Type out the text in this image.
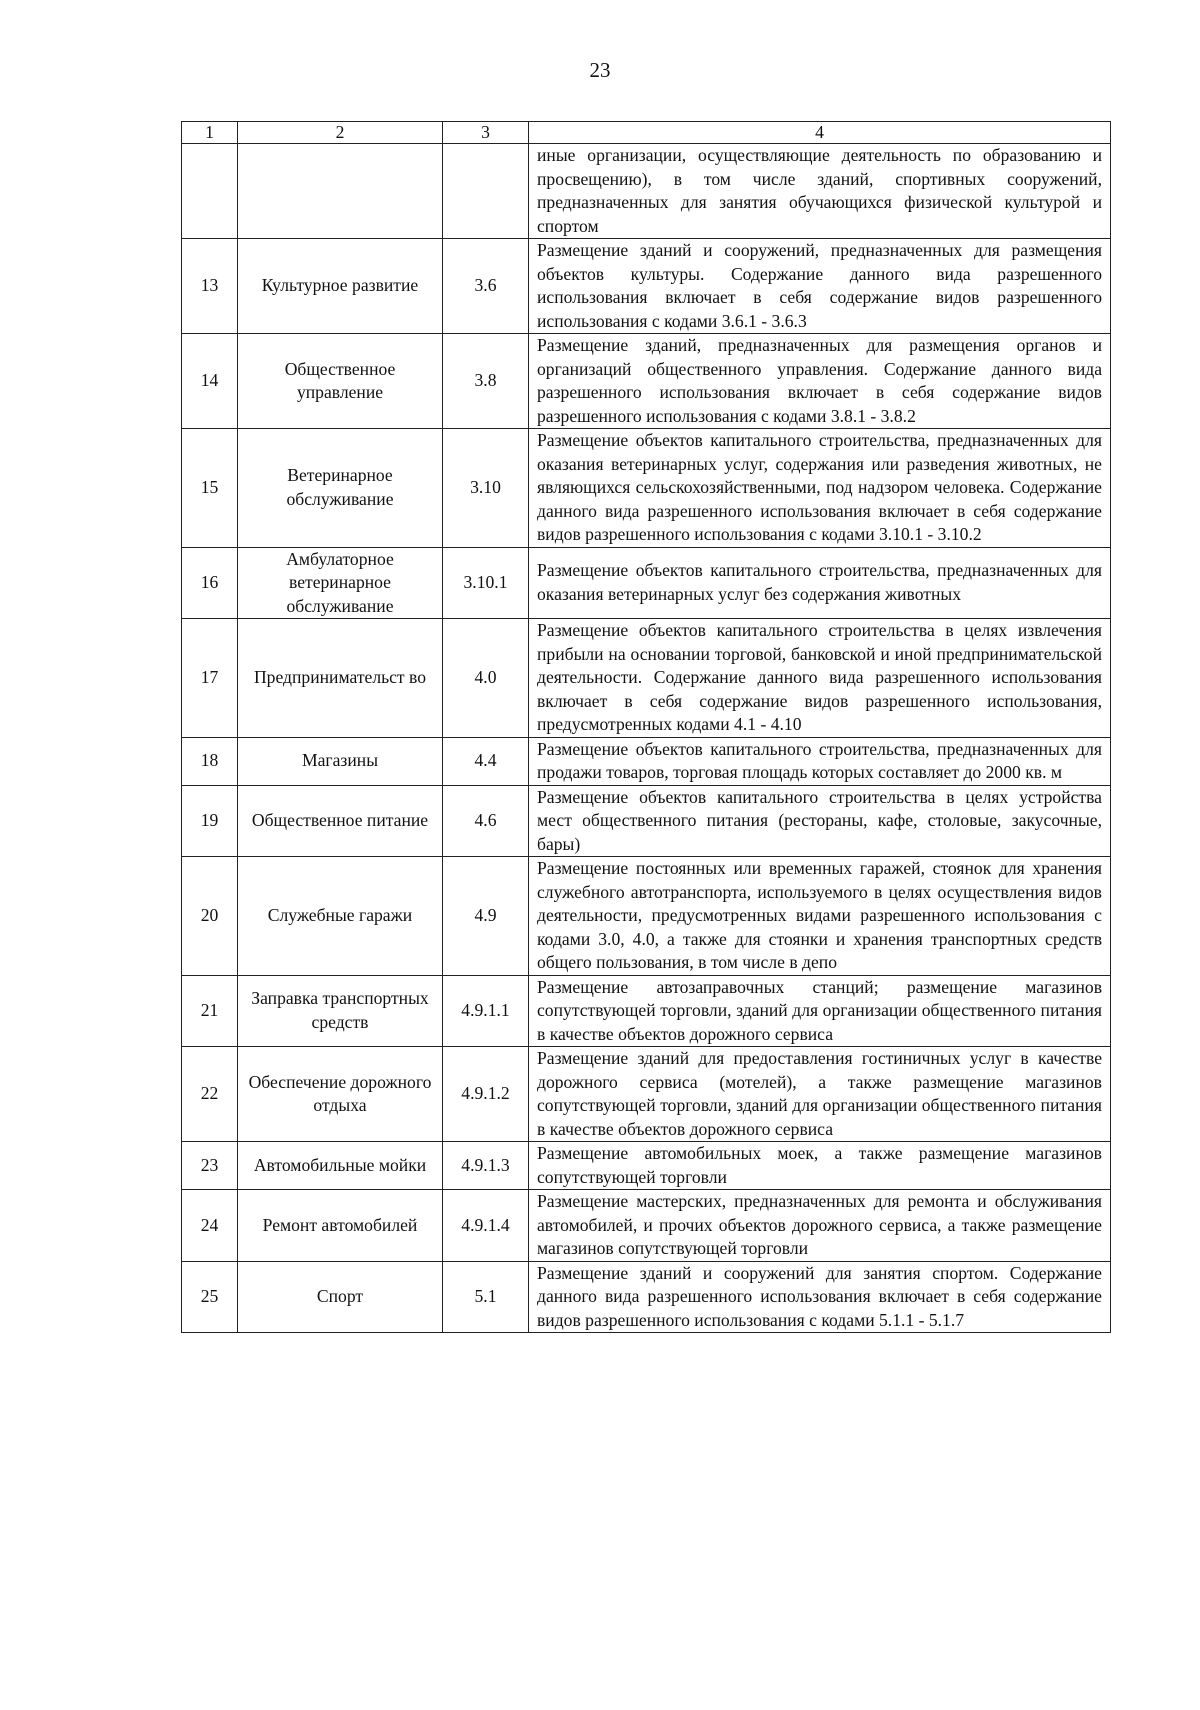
23
1	2	3	4
			иные организации, осуществляющие деятельность по образованию и просвещению), в том числе зданий, спортивных сооружений, предназначенных для занятия обучающихся физической культурой и спортом
13	Культурное развитие	3.6	Размещение зданий и сооружений, предназначенных для размещения объектов культуры. Содержание данного вида разрешенного использования включает в себя содержание видов разрешенного использования с кодами 3.6.1 - 3.6.3
14	Общественное управление	3.8	Размещение зданий, предназначенных для размещения органов и организаций общественного управления. Содержание данного вида разрешенного использования включает в себя содержание видов разрешенного использования с кодами 3.8.1 - 3.8.2
15	Ветеринарное обслуживание	3.10	Размещение объектов капитального строительства, предназначенных для оказания ветеринарных услуг, содержания или разведения животных, не являющихся сельскохозяйственными, под надзором человека. Содержание данного вида разрешенного использования включает в себя содержание видов разрешенного использования с кодами 3.10.1 - 3.10.2
16	Амбулаторное ветеринарное обслуживание	3.10.1	Размещение объектов капитального строительства, предназначенных для оказания ветеринарных услуг без содержания животных
17	Предпринимательст во	4.0	Размещение объектов капитального строительства в целях извлечения прибыли на основании торговой, банковской и иной предпринимательской деятельности. Содержание данного вида разрешенного использования включает в себя содержание видов разрешенного использования, предусмотренных кодами 4.1 - 4.10
18	Магазины	4.4	Размещение объектов капитального строительства, предназначенных для продажи товаров, торговая площадь которых составляет до 2000 кв. м
19	Общественное питание	4.6	Размещение объектов капитального строительства в целях устройства мест общественного питания (рестораны, кафе, столовые, закусочные, бары)
20	Служебные гаражи	4.9	Размещение постоянных или временных гаражей, стоянок для хранения служебного автотранспорта, используемого в целях осуществления видов деятельности, предусмотренных видами разрешенного использования с кодами 3.0, 4.0, а также для стоянки и хранения транспортных средств общего пользования, в том числе в депо
21	Заправка транспортных средств	4.9.1.1	Размещение автозаправочных станций; размещение магазинов сопутствующей торговли, зданий для организации общественного питания в качестве объектов дорожного сервиса
22	Обеспечение дорожного отдыха	4.9.1.2	Размещение зданий для предоставления гостиничных услуг в качестве дорожного сервиса (мотелей), а также размещение магазинов сопутствующей торговли, зданий для организации общественного питания в качестве объектов дорожного сервиса
23	Автомобильные мойки	4.9.1.3	Размещение автомобильных моек, а также размещение магазинов сопутствующей торговли
24	Ремонт автомобилей	4.9.1.4	Размещение мастерских, предназначенных для ремонта и обслуживания автомобилей, и прочих объектов дорожного сервиса, а также размещение магазинов сопутствующей торговли
25	Спорт	5.1	Размещение зданий и сооружений для занятия спортом. Содержание данного вида разрешенного использования включает в себя содержание видов разрешенного использования с кодами 5.1.1 - 5.1.7
